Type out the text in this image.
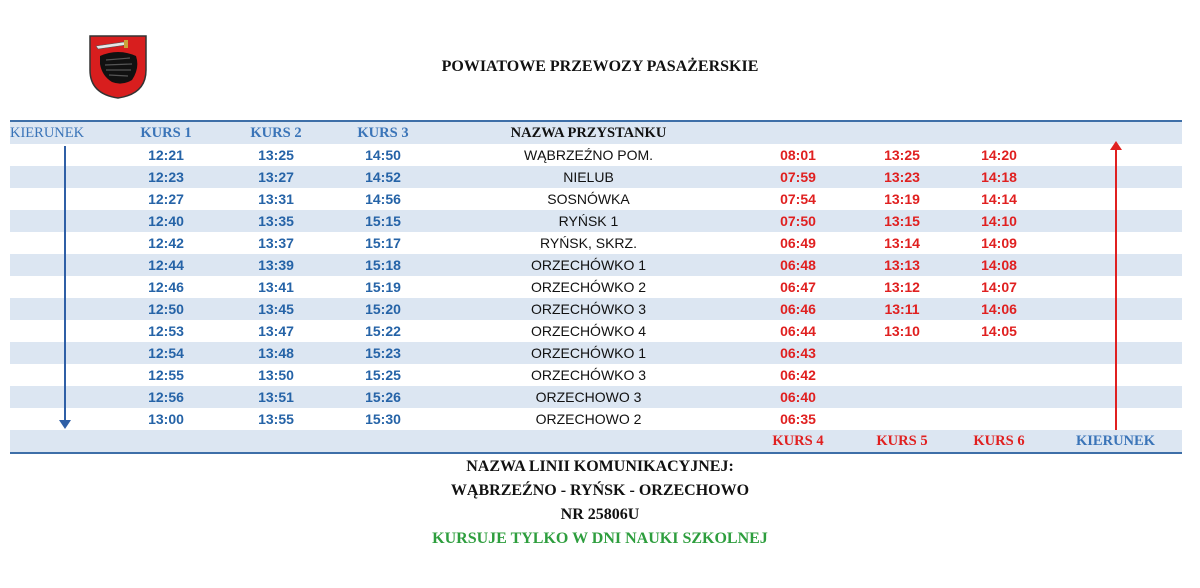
POWIATOWE PRZEWOZY PASAŻERSKIE
KIERUNEK	KURS 1	KURS 2	KURS 3	NAZWA PRZYSTANKU
12:21	13:25	14:50	WĄBRZEŹNO POM.	08:01	13:25	14:20
12:23	13:27	14:52	NIELUB	07:59	13:23	14:18
12:27	13:31	14:56	SOSNÓWKA	07:54	13:19	14:14
12:40	13:35	15:15	RYŃSK 1	07:50	13:15	14:10
12:42	13:37	15:17	RYŃSK, SKRZ.	06:49	13:14	14:09
12:44	13:39	15:18	ORZECHÓWKO 1	06:48	13:13	14:08
12:46	13:41	15:19	ORZECHÓWKO 2	06:47	13:12	14:07
12:50	13:45	15:20	ORZECHÓWKO 3	06:46	13:11	14:06
12:53	13:47	15:22	ORZECHÓWKO 4	06:44	13:10	14:05
12:54	13:48	15:23	ORZECHÓWKO 1	06:43
12:55	13:50	15:25	ORZECHÓWKO 3	06:42
12:56	13:51	15:26	ORZECHOWO 3	06:40
13:00	13:55	15:30	ORZECHOWO 2	06:35
KURS 4	KURS 5	KURS 6	KIERUNEK
NAZWA LINII KOMUNIKACYJNEJ:
WĄBRZEŹNO - RYŃSK - ORZECHOWO
NR 25806U
KURSUJE TYLKO W DNI NAUKI SZKOLNEJ
